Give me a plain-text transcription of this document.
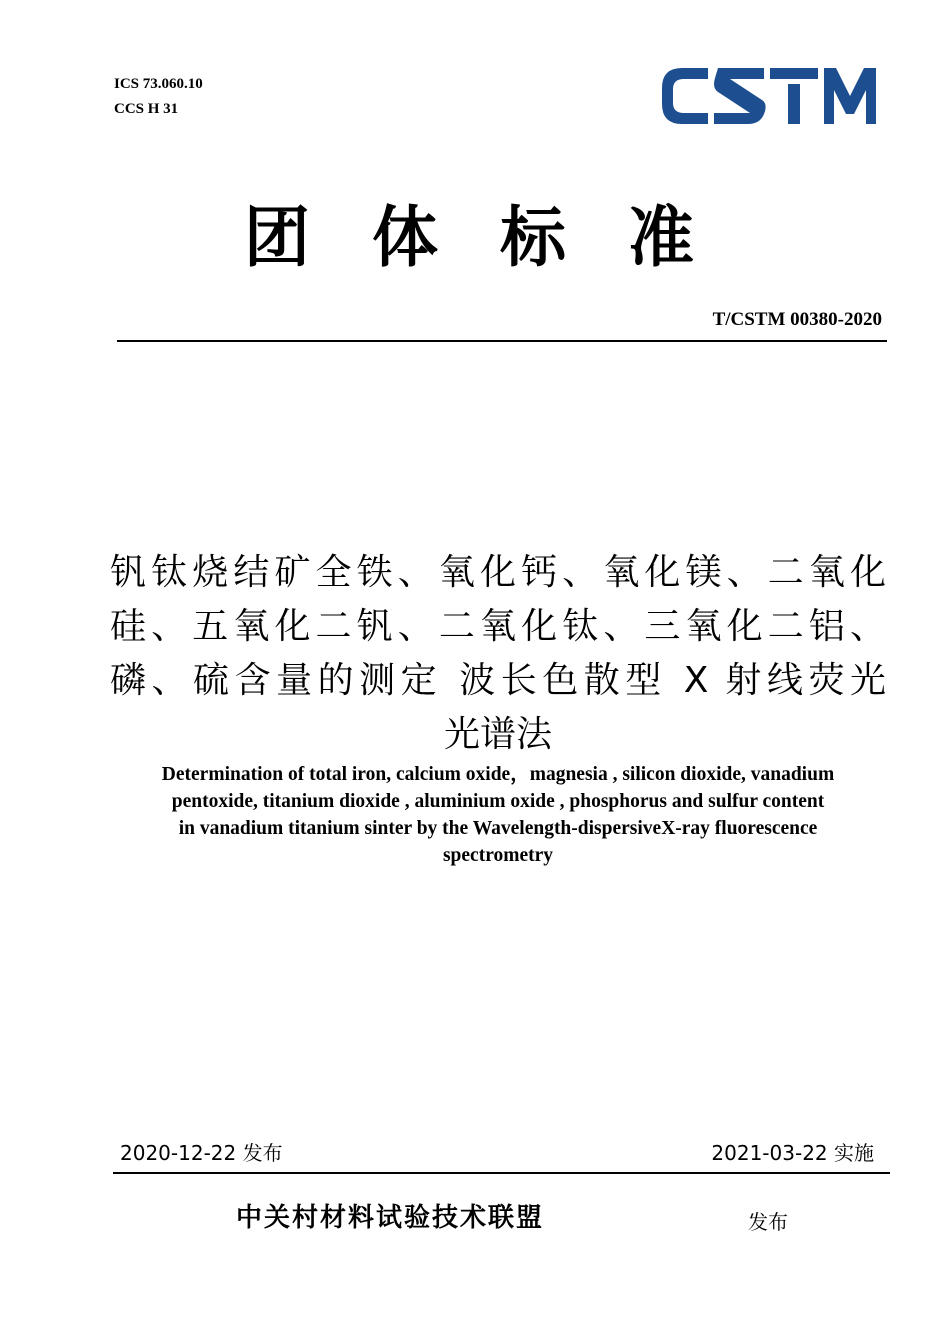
ICS 73.060.10
CCS H 31
团体标准
T/CSTM 00380-2020
钒钛烧结矿全铁、氧化钙、氧化镁、二氧化
硅、五氧化二钒、二氧化钛、三氧化二铝、
磷、硫含量的测定 波长色散型 X 射线荧光
光谱法
Determination of total iron, calcium oxide，magnesia , silicon dioxide, vanadium
pentoxide, titanium dioxide , aluminium oxide , phosphorus and sulfur content
in vanadium titanium sinter by the Wavelength-dispersiveX-ray fluorescence
spectrometry
2020-12-22 发布	2021-03-22 实施
中关村材料试验技术联盟	发布
